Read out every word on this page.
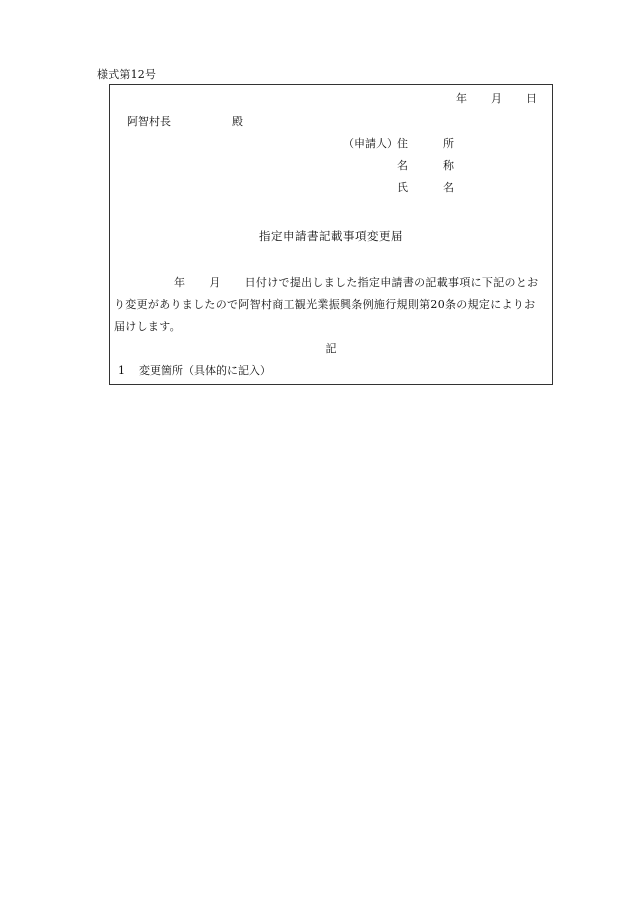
様式第12号
年 月 日
阿智村長	殿
（申請人） 住　所
名　称
氏　名
指定申請書記載事項変更届
年 月 日付けで提出しました指定申請書の記載事項に下記のとお
り変更がありましたので阿智村商工観光業振興条例施行規則第20条の規定によりお
届けします。
記
1 変更箇所（具体的に記入）
